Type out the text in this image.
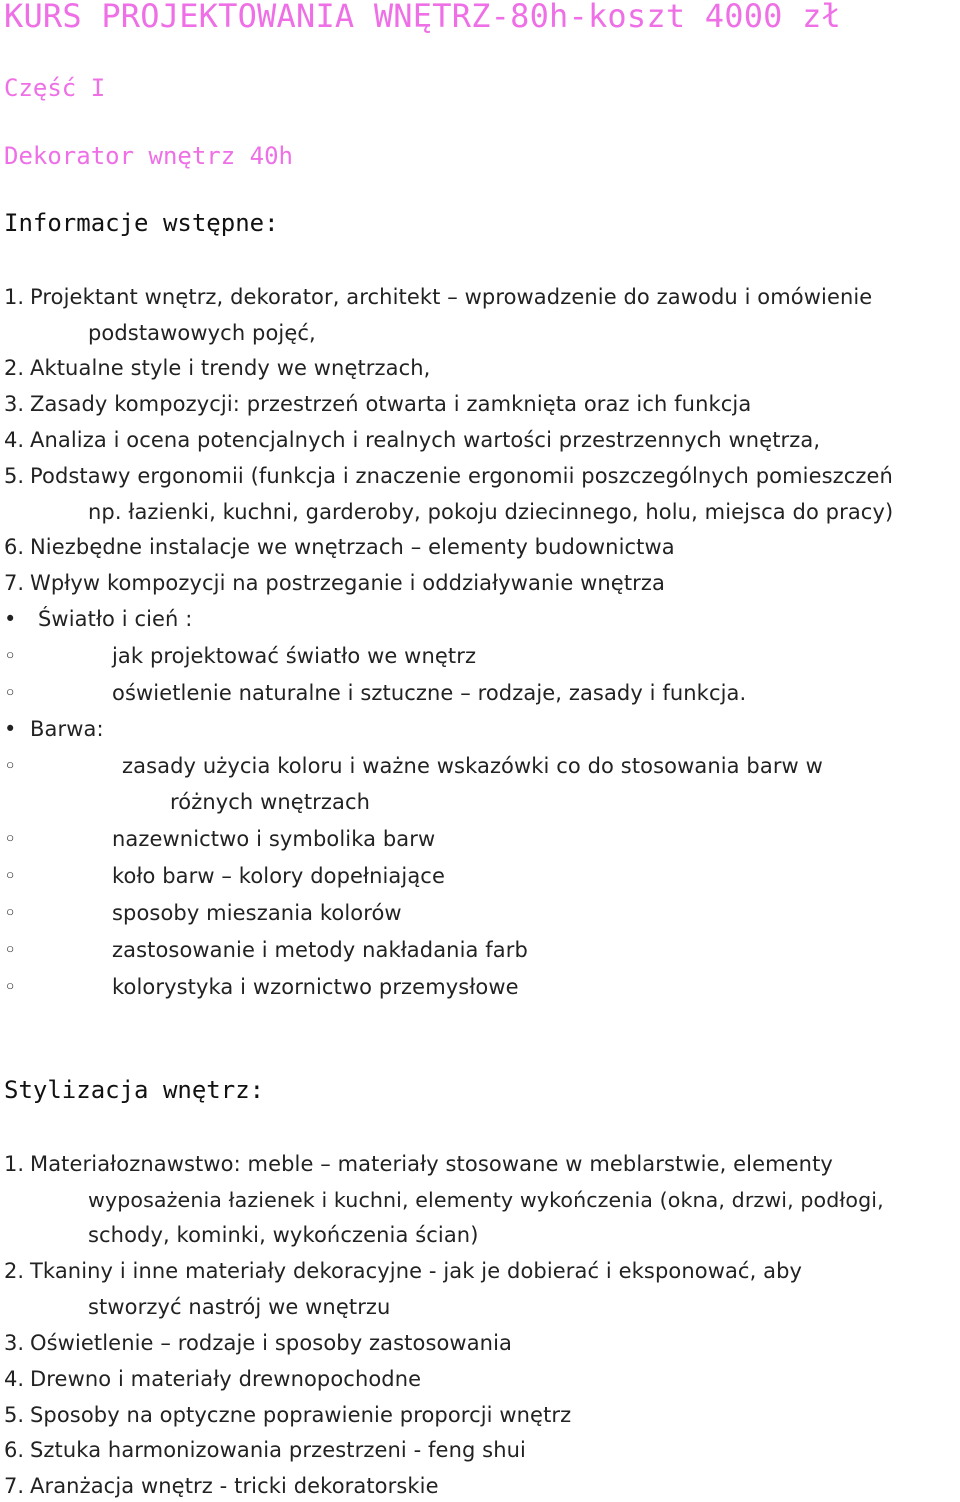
KURS PROJEKTOWANIA WNĘTRZ-80h-koszt 4000 zł
Część I
Dekorator wnętrz 40h
Informacje wstępne:
1. Projektant wnętrz, dekorator, architekt – wprowadzenie do zawodu i omówienie
podstawowych pojęć,
2. Aktualne style i trendy we wnętrzach,
3. Zasady kompozycji: przestrzeń otwarta i zamknięta oraz ich funkcja
4. Analiza i ocena potencjalnych i realnych wartości przestrzennych wnętrza,
5. Podstawy ergonomii (funkcja i znaczenie ergonomii poszczególnych pomieszczeń
np. łazienki, kuchni, garderoby, pokoju dziecinnego, holu, miejsca do pracy)
6. Niezbędne instalacje we wnętrzach – elementy budownictwa
7. Wpływ kompozycji na postrzeganie i oddziaływanie wnętrza
• Światło i cień :
◦	jak projektować światło we wnętrz
◦	oświetlenie naturalne i sztuczne – rodzaje, zasady i funkcja.
• Barwa:
◦	zasady użycia koloru i ważne wskazówki co do stosowania barw w
różnych wnętrzach
◦	nazewnictwo i symbolika barw
◦	koło barw – kolory dopełniające
◦	sposoby mieszania kolorów
◦	zastosowanie i metody nakładania farb
◦	kolorystyka i wzornictwo przemysłowe
Stylizacja wnętrz:
1. Materiałoznawstwo: meble – materiały stosowane w meblarstwie, elementy
wyposażenia łazienek i kuchni, elementy wykończenia (okna, drzwi, podłogi,
schody, kominki, wykończenia ścian)
2. Tkaniny i inne materiały dekoracyjne - jak je dobierać i eksponować, aby
stworzyć nastrój we wnętrzu
3. Oświetlenie – rodzaje i sposoby zastosowania
4. Drewno i materiały drewnopochodne
5. Sposoby na optyczne poprawienie proporcji wnętrz
6. Sztuka harmonizowania przestrzeni - feng shui
7. Aranżacja wnętrz - tricki dekoratorskie
